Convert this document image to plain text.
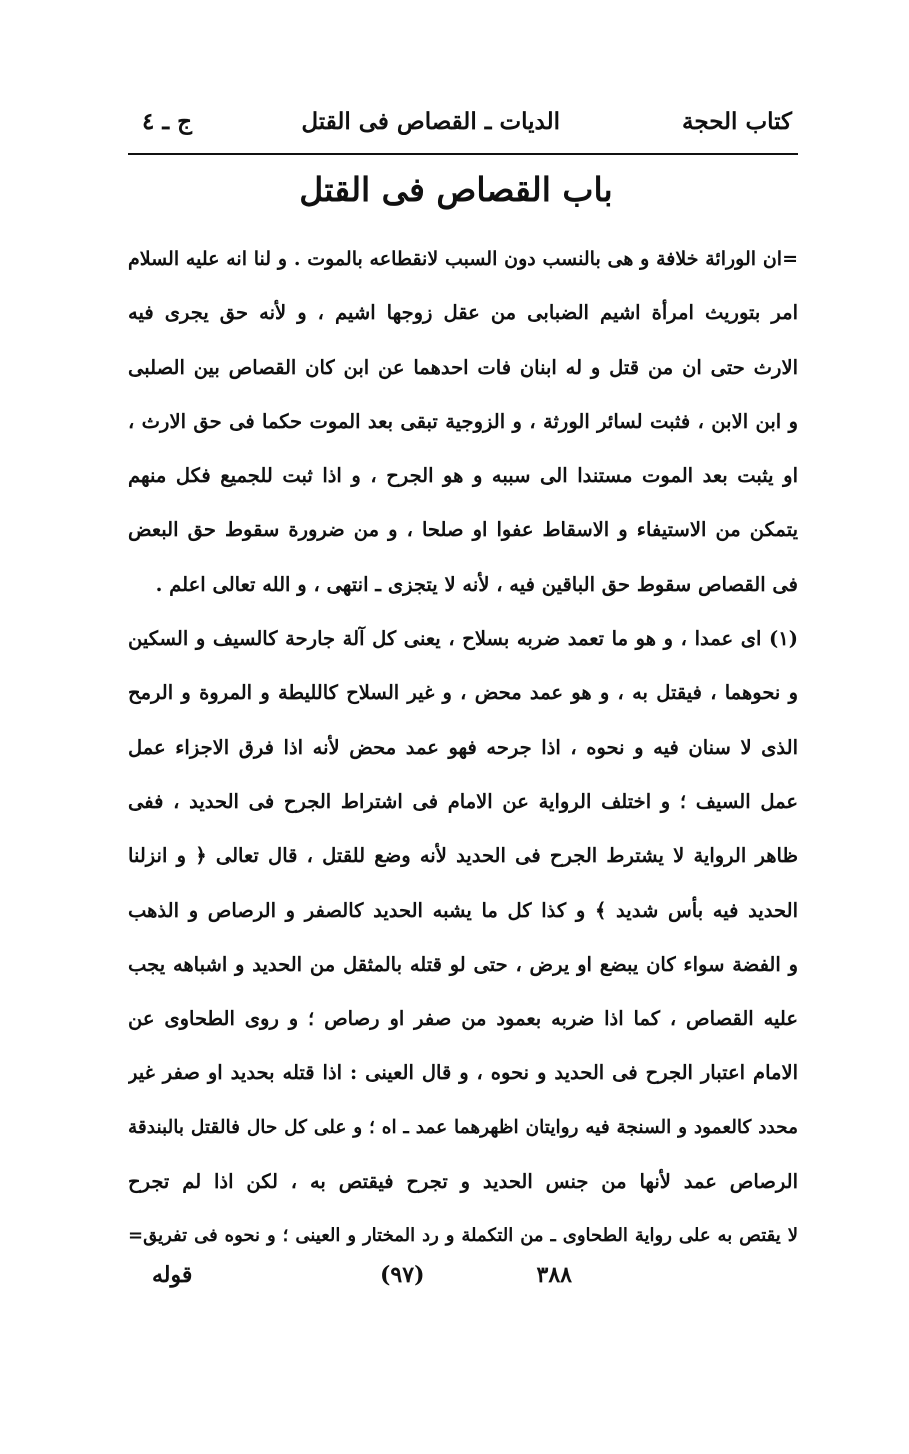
كتاب الحجة
الديات ـ القصاص فى القتل
ج ـ ٤
باب القصاص فى القتل
=ان الورائة خلافة و هى بالنسب دون السبب لانقطاعه بالموت . و لنا انه عليه السلام
امر بتوريث امرأة اشيم الضبابى من عقل زوجها اشيم ، و لأنه حق يجرى فيه
الارث حتى ان من قتل و له ابنان فات احدهما عن ابن كان القصاص بين الصلبى
و ابن الابن ، فثبت لسائر الورثة ، و الزوجية تبقى بعد الموت حكما فى حق الارث ،
او يثبت بعد الموت مستندا الى سببه و هو الجرح ، و اذا ثبت للجميع فكل منهم
يتمكن من الاستيفاء و الاسقاط عفوا او صلحا ، و من ضرورة سقوط حق البعض
فى القصاص سقوط حق الباقين فيه ، لأنه لا يتجزى ـ انتهى ، و الله تعالى اعلم .
(١) اى عمدا ، و هو ما تعمد ضربه بسلاح ، يعنى كل آلة جارحة كالسيف و السكين
و نحوهما ، فيقتل به ، و هو عمد محض ، و غير السلاح كالليطة و المروة و الرمح
الذى لا سنان فيه و نحوه ، اذا جرحه فهو عمد محض لأنه اذا فرق الاجزاء عمل
عمل السيف ؛ و اختلف الرواية عن الامام فى اشتراط الجرح فى الحديد ، ففى
ظاهر الرواية لا يشترط الجرح فى الحديد لأنه وضع للقتل ، قال تعالى ﴿ و انزلنا
الحديد فيه بأس شديد ﴾ و كذا كل ما يشبه الحديد كالصفر و الرصاص و الذهب
و الفضة سواء كان يبضع او يرض ، حتى لو قتله بالمثقل من الحديد و اشباهه يجب
عليه القصاص ، كما اذا ضربه بعمود من صفر او رصاص ؛ و روى الطحاوى عن
الامام اعتبار الجرح فى الحديد و نحوه ، و قال العينى : اذا قتله بحديد او صفر غير
محدد كالعمود و السنجة فيه روايتان اظهرهما عمد ـ اه ؛ و على كل حال فالقتل بالبندقة
الرصاص عمد لأنها من جنس الحديد و تجرح فيقتص به ، لكن اذا لم تجرح
لا يقتص به على رواية الطحاوى ـ من التكملة و رد المختار و العينى ؛ و نحوه فى تفريق=
٣٨٨
(٩٧)
قوله
